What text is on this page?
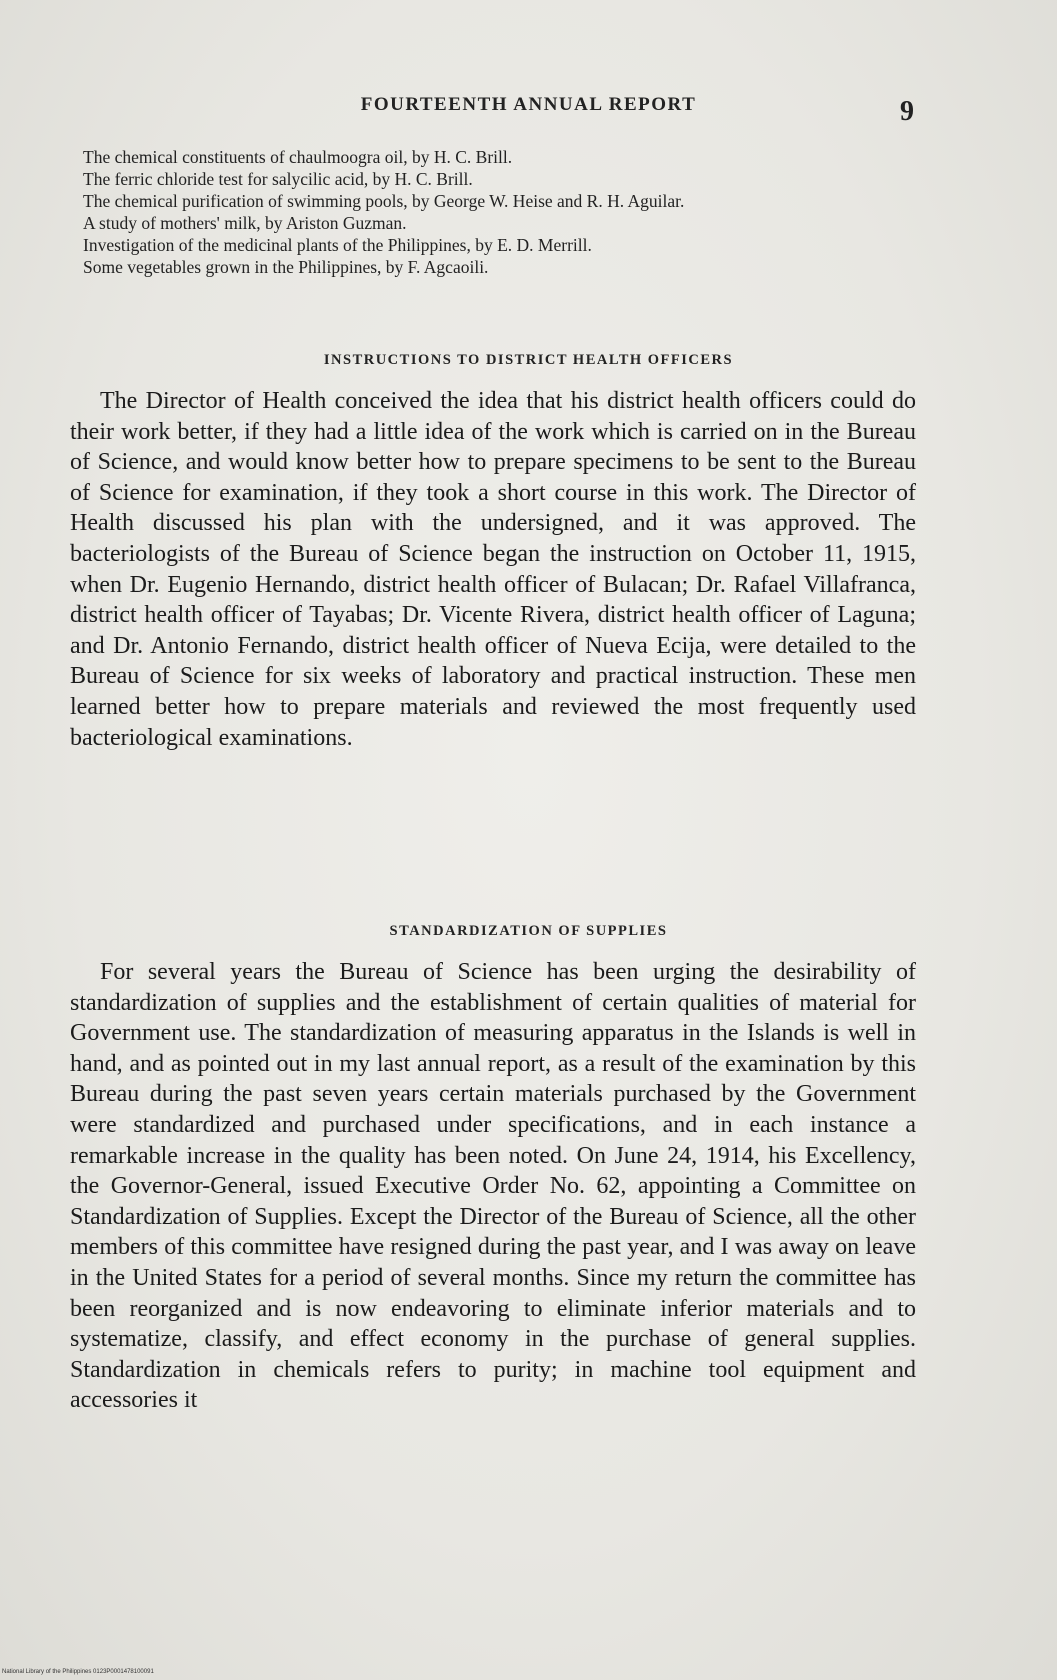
FOURTEENTH ANNUAL REPORT	9

The chemical constituents of chaulmoogra oil, by H. C. Brill.

The ferric chloride test for salycilic acid, by H. C. Brill.

The chemical purification of swimming pools, by George W. Heise and R. H. Aguilar.

A study of mothers' milk, by Ariston Guzman.

Investigation of the medicinal plants of the Philippines, by E. D. Merrill.

Some vegetables grown in the Philippines, by F. Agcaoili.

INSTRUCTIONS TO DISTRICT HEALTH OFFICERS

The Director of Health conceived the idea that his district health officers could do their work better, if they had a little idea of the work which is carried on in the Bureau of Science, and would know better how to prepare specimens to be sent to the Bureau of Science for examination, if they took a short course in this work. The Director of Health discussed his plan with the undersigned, and it was approved. The bacteriologists of the Bureau of Science began the instruction on October 11, 1915, when Dr. Eugenio Hernando, district health officer of Bulacan; Dr. Rafael Villafranca, district health officer of Tayabas; Dr. Vicente Rivera, district health officer of Laguna; and Dr. Antonio Fernando, district health officer of Nueva Ecija, were detailed to the Bureau of Science for six weeks of laboratory and practical instruction. These men learned better how to prepare materials and reviewed the most frequently used bacteriological examinations.

STANDARDIZATION OF SUPPLIES

For several years the Bureau of Science has been urging the desirability of standardization of supplies and the establishment of certain qualities of material for Government use. The standardization of measuring apparatus in the Islands is well in hand, and as pointed out in my last annual report, as a result of the examination by this Bureau during the past seven years certain materials purchased by the Government were standardized and purchased under specifications, and in each instance a remarkable increase in the quality has been noted. On June 24, 1914, his Excellency, the Governor-General, issued Executive Order No. 62, appointing a Committee on Standardization of Supplies. Except the Director of the Bureau of Science, all the other members of this committee have resigned during the past year, and I was away on leave in the United States for a period of several months. Since my return the committee has been reorganized and is now endeavoring to eliminate inferior materials and to systematize, classify, and effect economy in the purchase of general supplies. Standardization in chemicals refers to purity; in machine tool equipment and accessories it

National Library of the Philippines 0123P0001478100091
